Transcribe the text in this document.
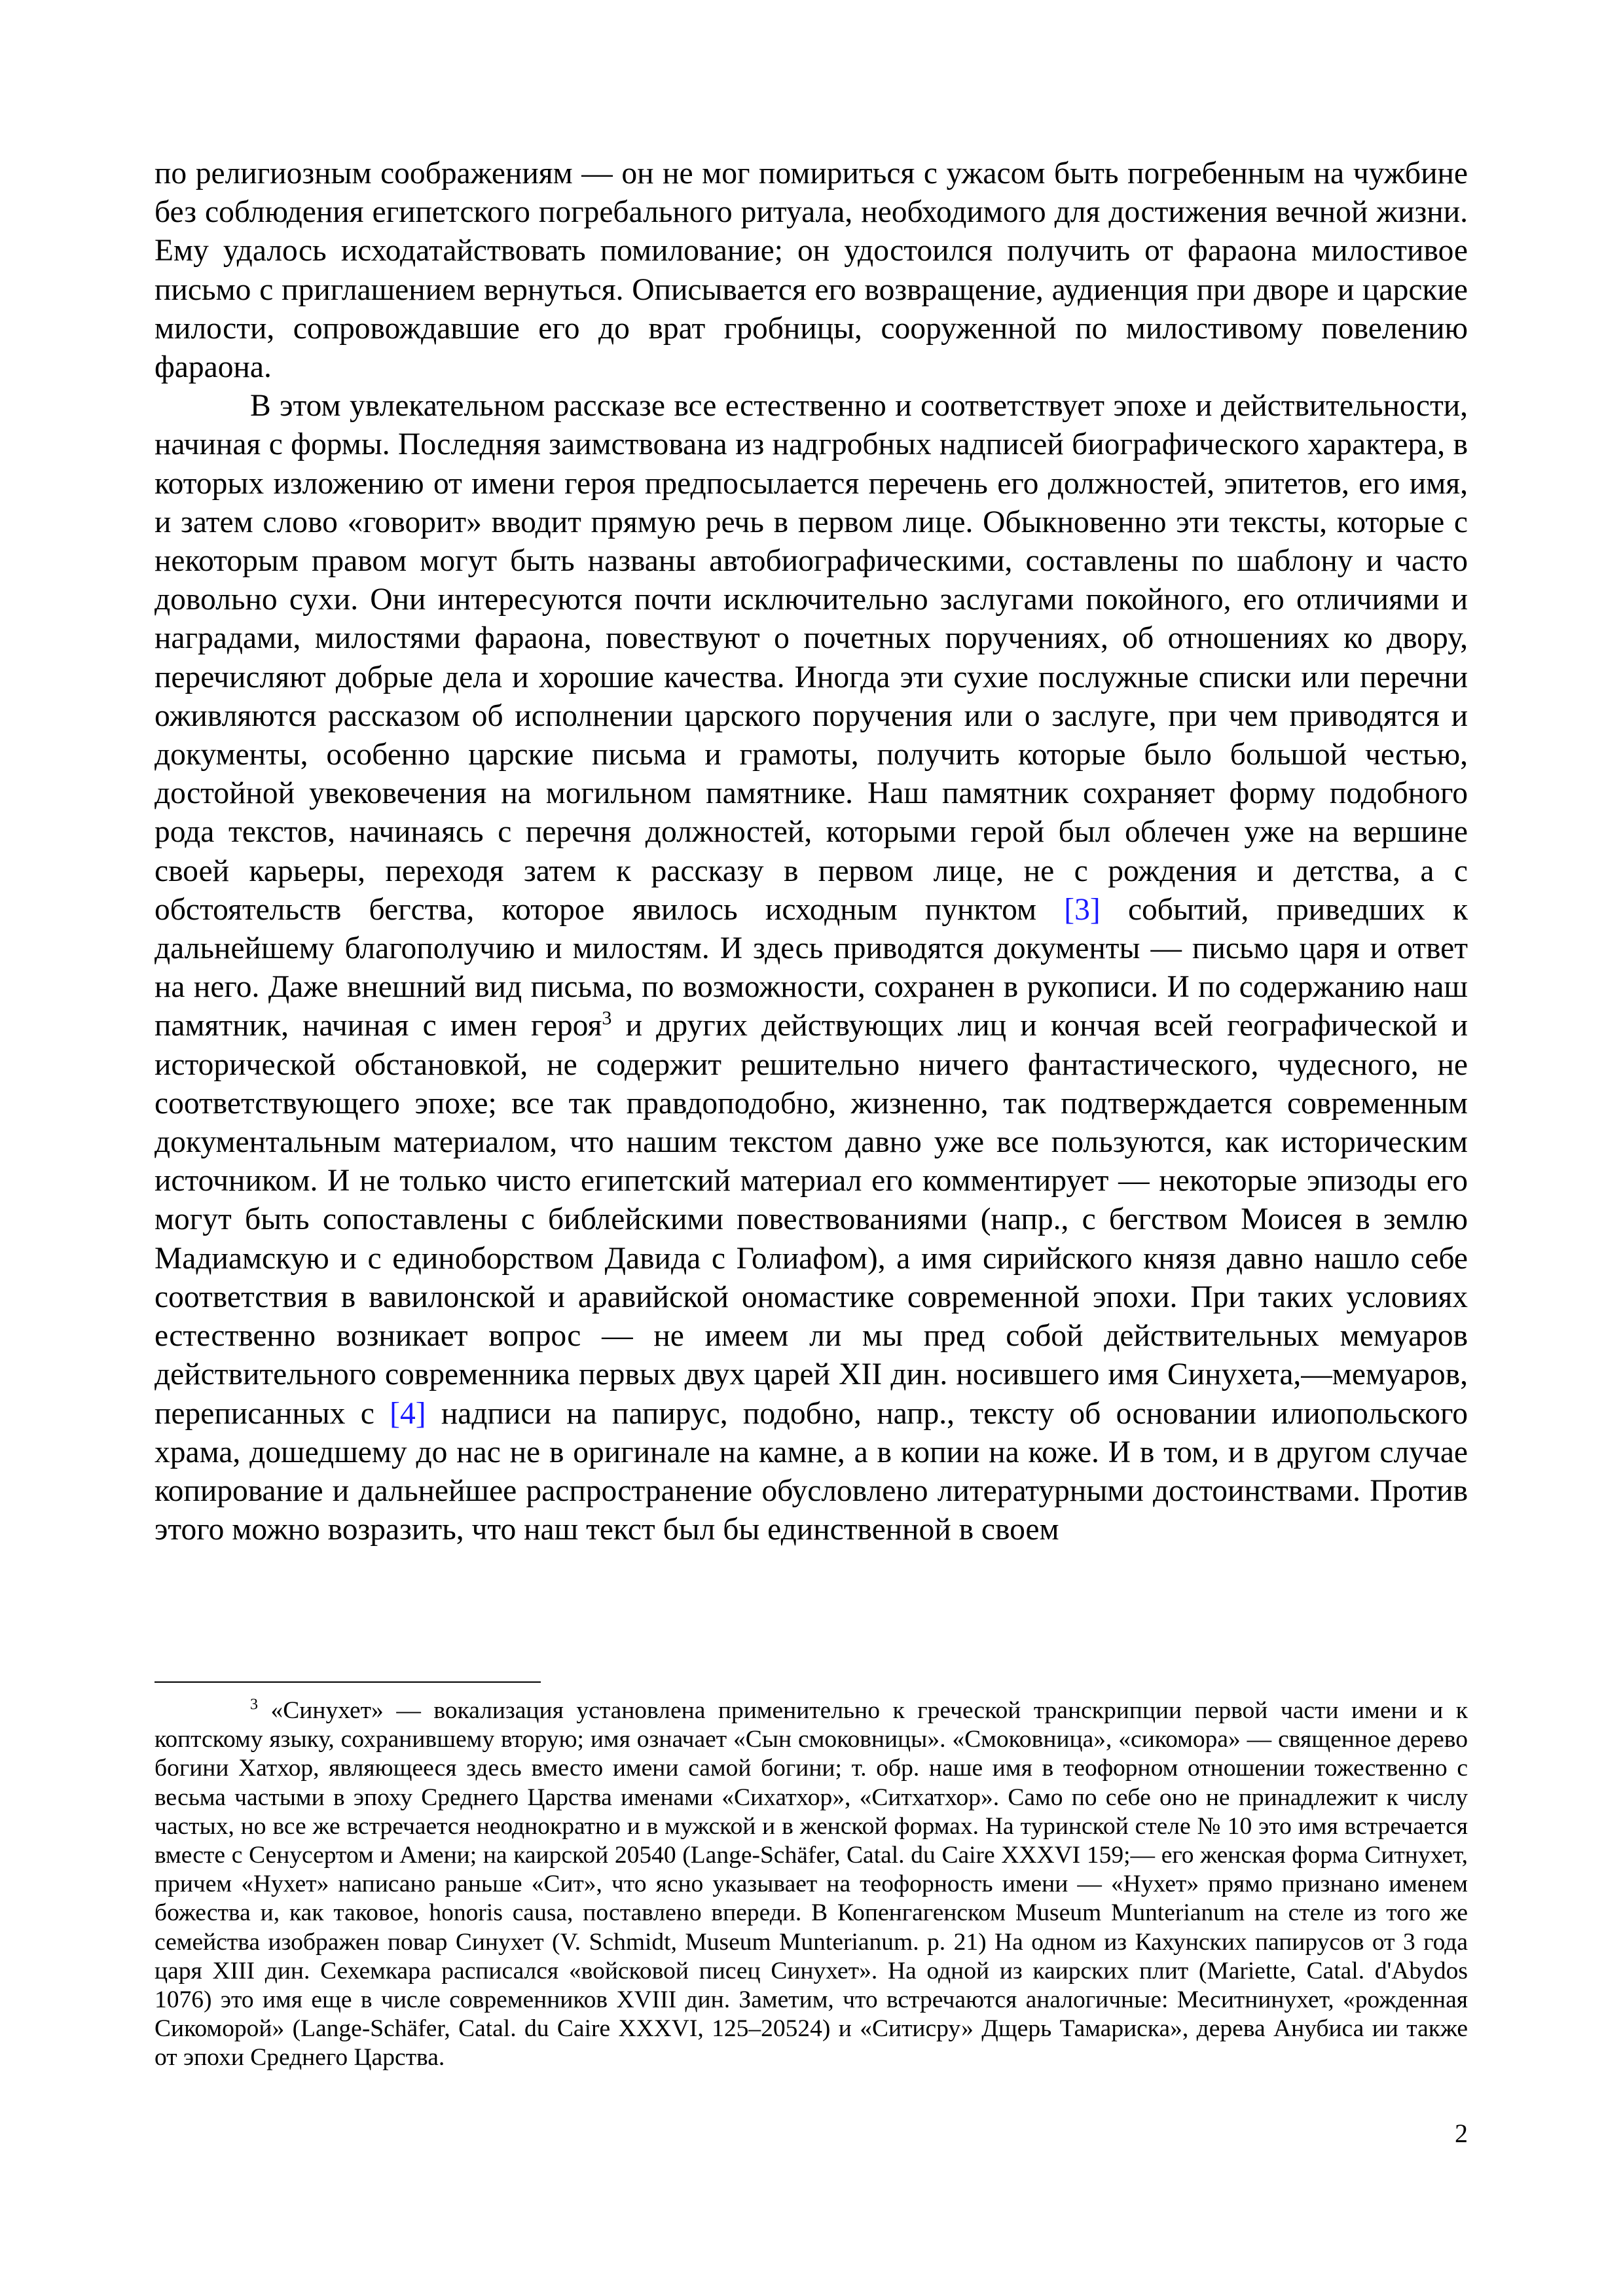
по религиозным соображениям — он не мог помириться с ужасом быть погребенным на чужбине без соблюдения египетского погребального ритуала, необходимого для достижения вечной жизни. Ему удалось исходатайствовать помилование; он удостоился получить от фараона милостивое письмо с приглашением вернуться. Описывается его возвращение, аудиенция при дворе и царские милости, сопровождавшие его до врат гробницы, сооруженной по милостивому повелению фараона.

В этом увлекательном рассказе все естественно и соответствует эпохе и действительности, начиная с формы. Последняя заимствована из надгробных надписей биографического характера, в которых изложению от имени героя предпосылается перечень его должностей, эпитетов, его имя, и затем слово «говорит» вводит прямую речь в первом лице. Обыкновенно эти тексты, которые с некоторым правом могут быть названы автобиографическими, составлены по шаблону и часто довольно сухи. Они интересуются почти исключительно заслугами покойного, его отличиями и наградами, милостями фараона, повествуют о почетных поручениях, об отношениях ко двору, перечисляют добрые дела и хорошие качества. Иногда эти сухие послужные списки или перечни оживляются рассказом об исполнении царского поручения или о заслуге, при чем приводятся и документы, особенно царские письма и грамоты, получить которые было большой честью, достойной увековечения на могильном памятнике. Наш памятник сохраняет форму подобного рода текстов, начинаясь с перечня должностей, которыми герой был облечен уже на вершине своей карьеры, переходя затем к рассказу в первом лице, не с рождения и детства, а с обстоятельств бегства, которое явилось исходным пунктом [3] событий, приведших к дальнейшему благополучию и милостям. И здесь приводятся документы — письмо царя и ответ на него. Даже внешний вид письма, по возможности, сохранен в рукописи. И по содержанию наш памятник, начиная с имен героя$^3$ и других действующих лиц и кончая всей географической и исторической обстановкой, не содержит решительно ничего фантастического, чудесного, не соответствующего эпохе; все так правдоподобно, жизненно, так подтверждается современным документальным материалом, что нашим текстом давно уже все пользуются, как историческим источником. И не только чисто египетский материал его комментирует — некоторые эпизоды его могут быть сопоставлены с библейскими повествованиями (напр., с бегством Моисея в землю Мадиамскую и с единоборством Давида с Голиафом), а имя сирийского князя давно нашло себе соответствия в вавилонской и аравийской ономастике современной эпохи. При таких условиях естественно возникает вопрос — не имеем ли мы пред собой действительных мемуаров действительного современника первых двух царей XII дин. носившего имя Синухета,—мемуаров, переписанных с [4] надписи на папирус, подобно, напр., тексту об основании илиопольского храма, дошедшему до нас не в оригинале на камне, а в копии на коже. И в том, и в другом случае копирование и дальнейшее распространение обусловлено литературными достоинствами. Против этого можно возразить, что наш текст был бы единственной в своем

$^3$ «Синухет» — вокализация установлена применительно к греческой транскрипции первой части имени и к коптскому языку, сохранившему вторую; имя означает «Сын смоковницы». «Смоковница», «сикомора» — священное дерево богини Хатхор, являющееся здесь вместо имени самой богини; т. обр. наше имя в теофорном отношении тожественно с весьма частыми в эпоху Среднего Царства именами «Сихатхор», «Ситхатхор». Само по себе оно не принадлежит к числу частых, но все же встречается неоднократно и в мужской и в женской формах. На туринской стеле № 10 это имя встречается вместе с Сенусертом и Амени; на каирской 20540 (Lange-Schäfer, Catal. du Caire XXXVI 159;— его женская форма Ситнухет, причем «Нухет» написано раньше «Сит», что ясно указывает на теофорность имени — «Нухет» прямо признано именем божества и, как таковое, honoris causa, поставлено впереди. В Копенгагенском Museum Munterianum на стеле из того же семейства изображен повар Синухет (V. Schmidt, Museum Munterianum. p. 21) На одном из Кахунских папирусов от 3 года царя XIII дин. Сехемкара расписался «войсковой писец Синухет». На одной из каирских плит (Mariette, Catal. d'Abydos 1076) это имя еще в числе современников XVIII дин. Заметим, что встречаются аналогичные: Меситнинухет, «рожденная Сикоморой» (Lange-Schäfer, Catal. du Caire XXXVI, 125–20524) и «Ситисру» Дщерь Тамариска», дерева Анубиса ии также от эпохи Среднего Царства.

2
